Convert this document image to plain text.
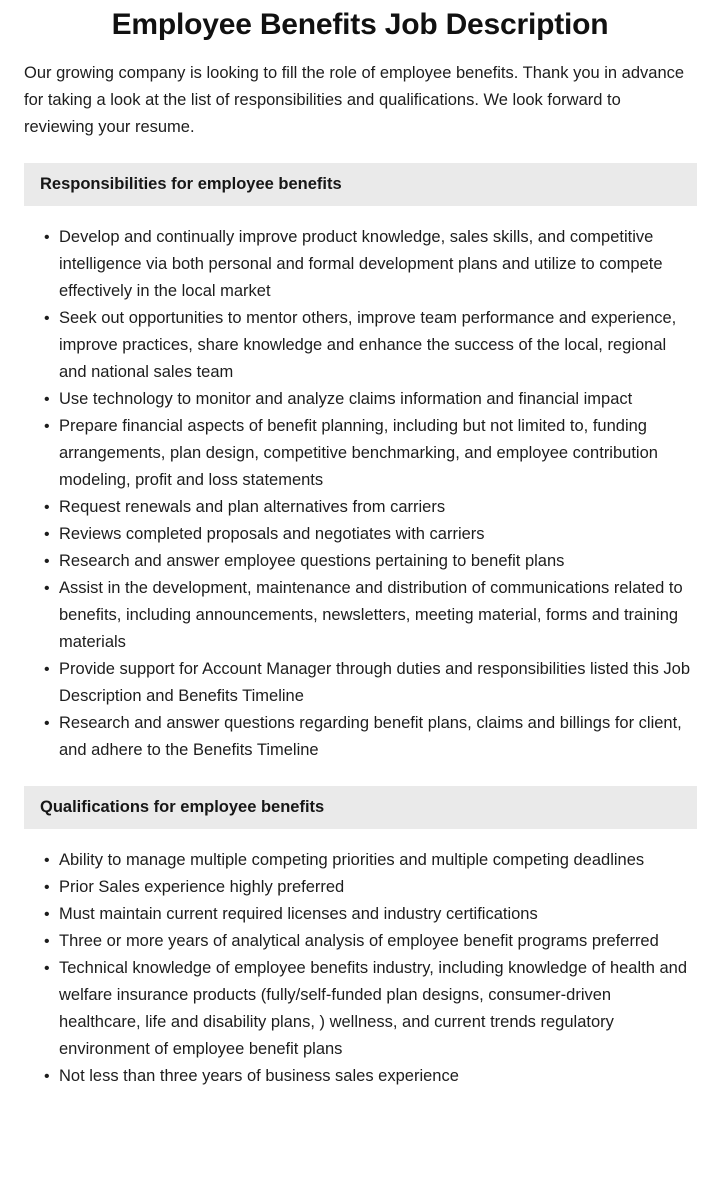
Employee Benefits Job Description

Our growing company is looking to fill the role of employee benefits. Thank you in advance for taking a look at the list of responsibilities and qualifications. We look forward to reviewing your resume.

Responsibilities for employee benefits
• Develop and continually improve product knowledge, sales skills, and competitive intelligence via both personal and formal development plans and utilize to compete effectively in the local market
• Seek out opportunities to mentor others, improve team performance and experience, improve practices, share knowledge and enhance the success of the local, regional and national sales team
• Use technology to monitor and analyze claims information and financial impact
• Prepare financial aspects of benefit planning, including but not limited to, funding arrangements, plan design, competitive benchmarking, and employee contribution modeling, profit and loss statements
• Request renewals and plan alternatives from carriers
• Reviews completed proposals and negotiates with carriers
• Research and answer employee questions pertaining to benefit plans
• Assist in the development, maintenance and distribution of communications related to benefits, including announcements, newsletters, meeting material, forms and training materials
• Provide support for Account Manager through duties and responsibilities listed this Job Description and Benefits Timeline
• Research and answer questions regarding benefit plans, claims and billings for client, and adhere to the Benefits Timeline
Qualifications for employee benefits
• Ability to manage multiple competing priorities and multiple competing deadlines
• Prior Sales experience highly preferred
• Must maintain current required licenses and industry certifications
• Three or more years of analytical analysis of employee benefit programs preferred
• Technical knowledge of employee benefits industry, including knowledge of health and welfare insurance products (fully/self-funded plan designs, consumer-driven healthcare, life and disability plans, ) wellness, and current trends regulatory environment of employee benefit plans
• Not less than three years of business sales experience
